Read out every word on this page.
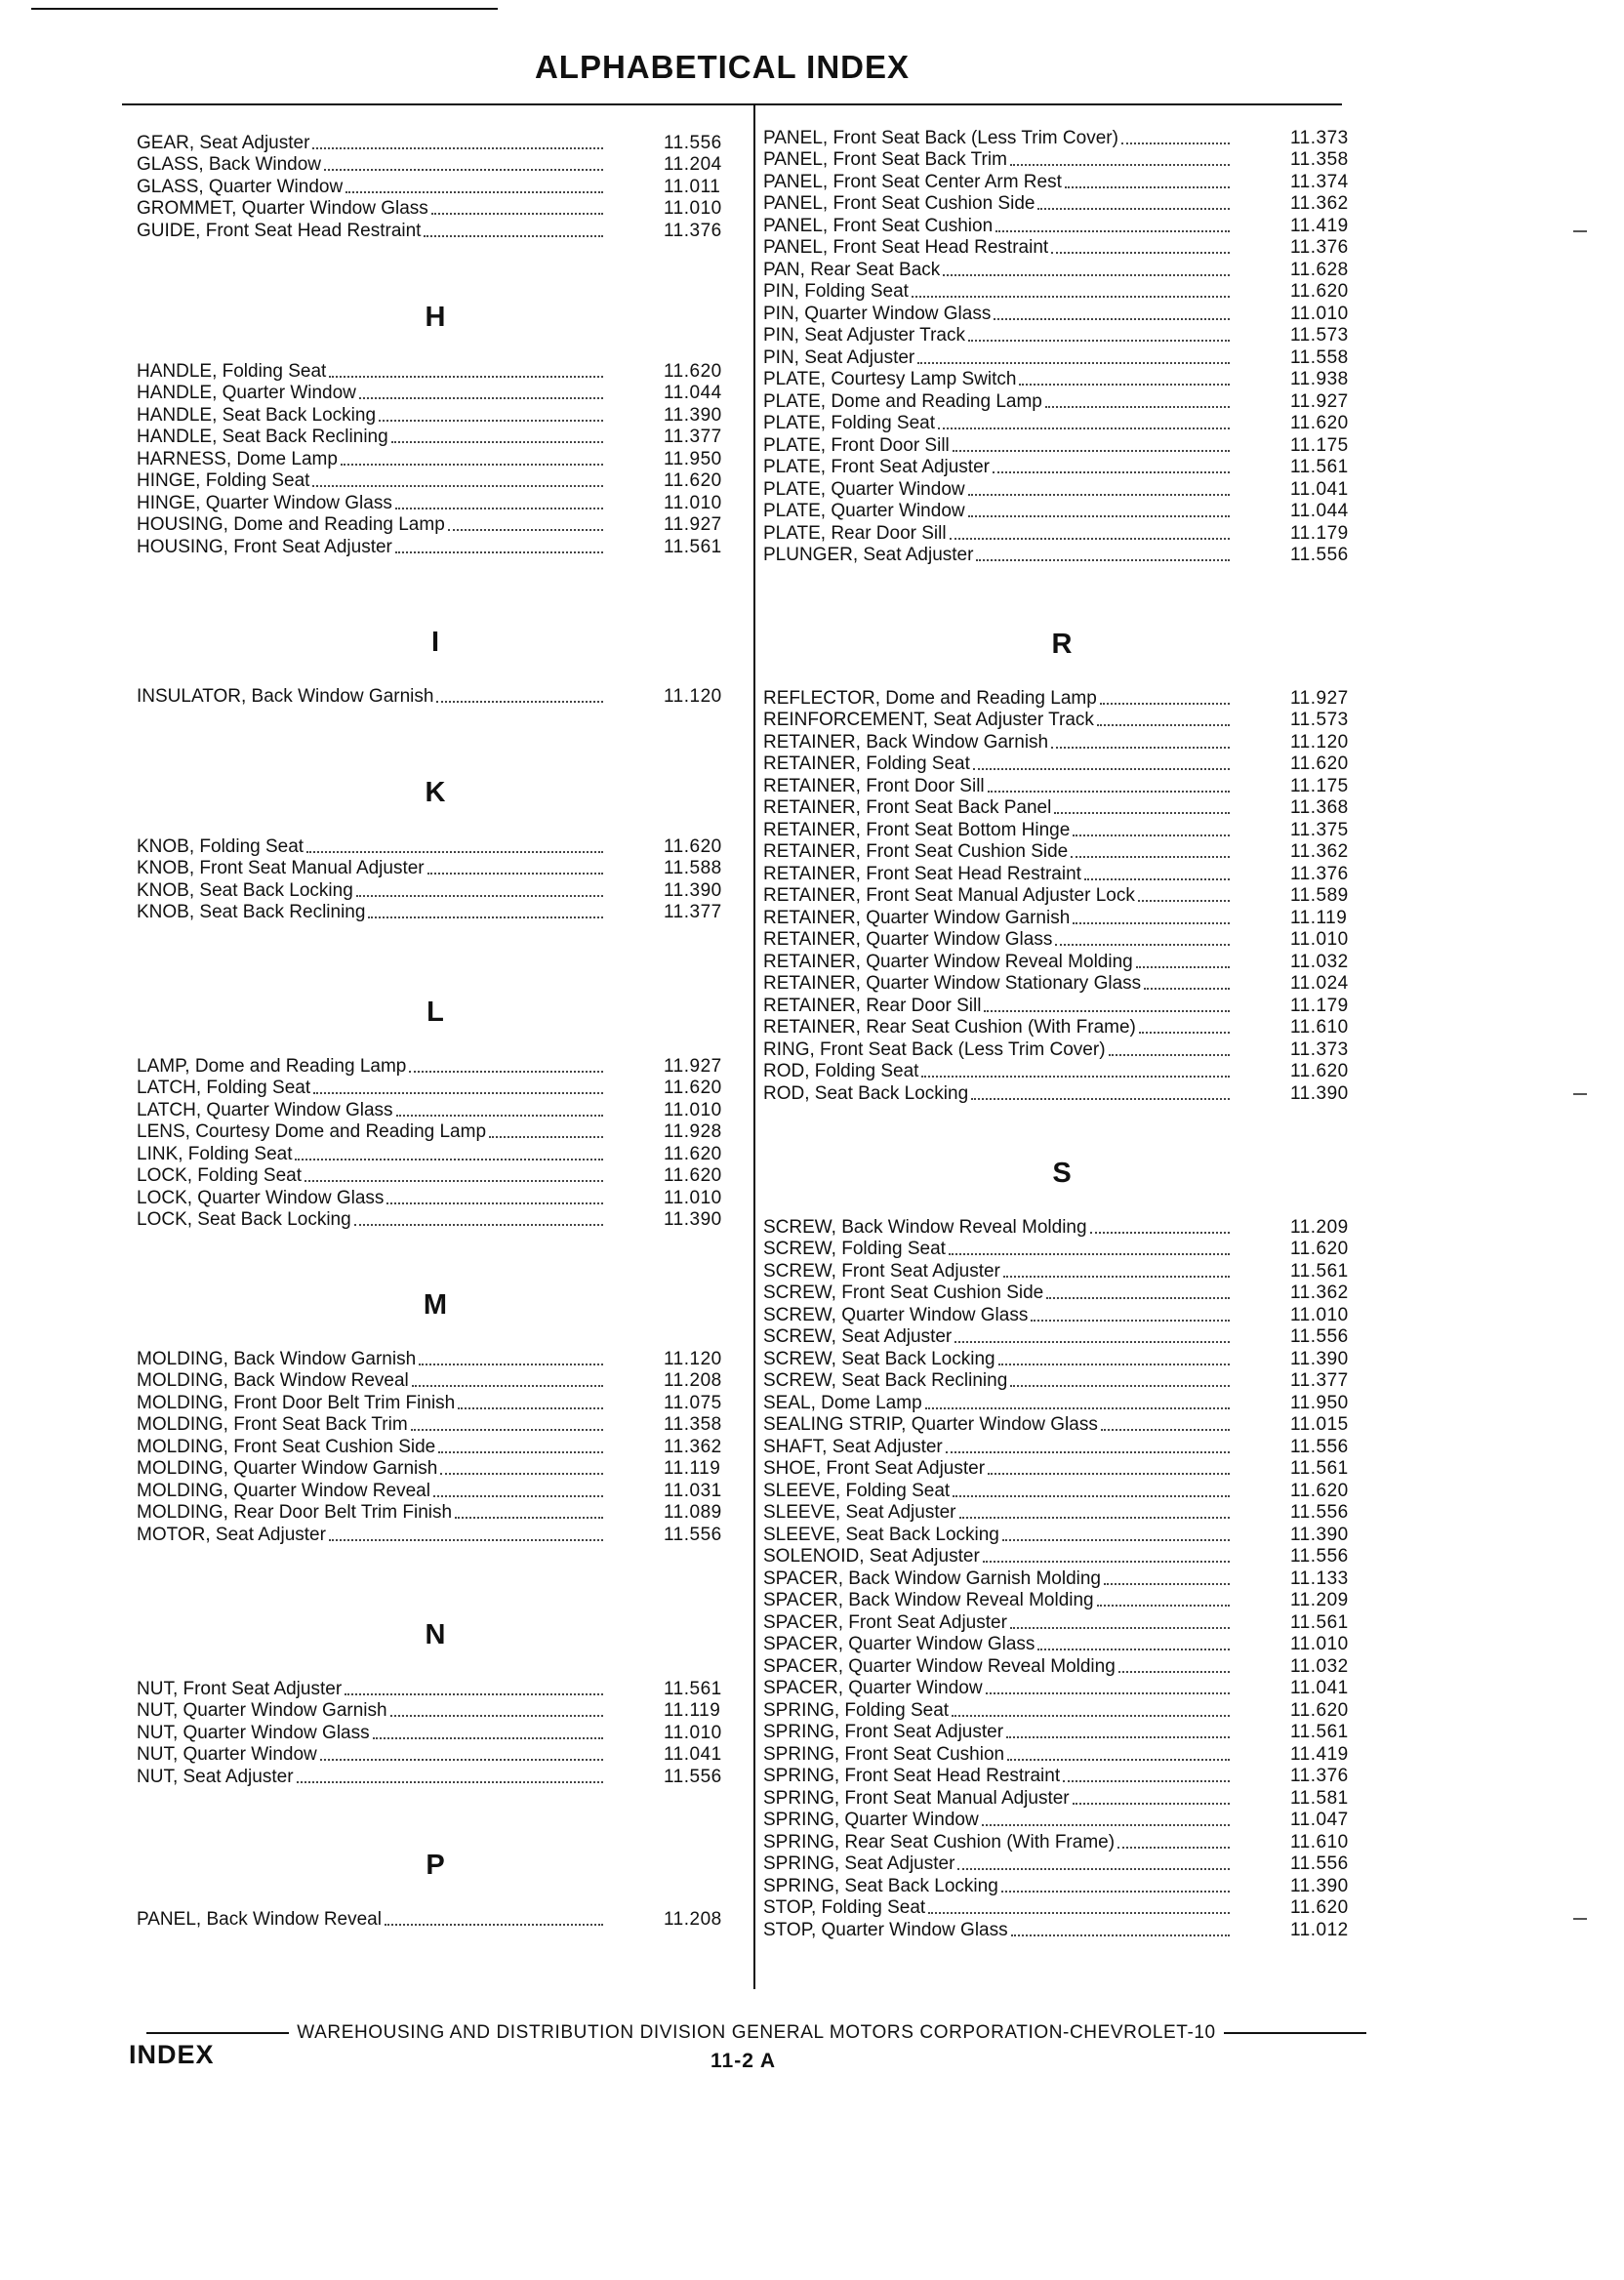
ALPHABETICAL INDEX
GEAR, Seat Adjuster	11.556
GLASS, Back Window	11.204
GLASS, Quarter Window	11.011
GROMMET, Quarter Window Glass	11.010
GUIDE, Front Seat Head Restraint	11.376
H
HANDLE, Folding Seat	11.620
HANDLE, Quarter Window	11.044
HANDLE, Seat Back Locking	11.390
HANDLE, Seat Back Reclining	11.377
HARNESS, Dome Lamp	11.950
HINGE, Folding Seat	11.620
HINGE, Quarter Window Glass	11.010
HOUSING, Dome and Reading Lamp	11.927
HOUSING, Front Seat Adjuster	11.561
I
INSULATOR, Back Window Garnish	11.120
K
KNOB, Folding Seat	11.620
KNOB, Front Seat Manual Adjuster	11.588
KNOB, Seat Back Locking	11.390
KNOB, Seat Back Reclining	11.377
L
LAMP, Dome and Reading Lamp	11.927
LATCH, Folding Seat	11.620
LATCH, Quarter Window Glass	11.010
LENS, Courtesy Dome and Reading Lamp	11.928
LINK, Folding Seat	11.620
LOCK, Folding Seat	11.620
LOCK, Quarter Window Glass	11.010
LOCK, Seat Back Locking	11.390
M
MOLDING, Back Window Garnish	11.120
MOLDING, Back Window Reveal	11.208
MOLDING, Front Door Belt Trim Finish	11.075
MOLDING, Front Seat Back Trim	11.358
MOLDING, Front Seat Cushion Side	11.362
MOLDING, Quarter Window Garnish	11.119
MOLDING, Quarter Window Reveal	11.031
MOLDING, Rear Door Belt Trim Finish	11.089
MOTOR, Seat Adjuster	11.556
N
NUT, Front Seat Adjuster	11.561
NUT, Quarter Window Garnish	11.119
NUT, Quarter Window Glass	11.010
NUT, Quarter Window	11.041
NUT, Seat Adjuster	11.556
P
PANEL, Back Window Reveal	11.208
PANEL, Front Seat Back (Less Trim Cover)	11.373
PANEL, Front Seat Back Trim	11.358
PANEL, Front Seat Center Arm Rest	11.374
PANEL, Front Seat Cushion Side	11.362
PANEL, Front Seat Cushion	11.419
PANEL, Front Seat Head Restraint	11.376
PAN, Rear Seat Back	11.628
PIN, Folding Seat	11.620
PIN, Quarter Window Glass	11.010
PIN, Seat Adjuster Track	11.573
PIN, Seat Adjuster	11.558
PLATE, Courtesy Lamp Switch	11.938
PLATE, Dome and Reading Lamp	11.927
PLATE, Folding Seat	11.620
PLATE, Front Door Sill	11.175
PLATE, Front Seat Adjuster	11.561
PLATE, Quarter Window	11.041
PLATE, Quarter Window	11.044
PLATE, Rear Door Sill	11.179
PLUNGER, Seat Adjuster	11.556
R
REFLECTOR, Dome and Reading Lamp	11.927
REINFORCEMENT, Seat Adjuster Track	11.573
RETAINER, Back Window Garnish	11.120
RETAINER, Folding Seat	11.620
RETAINER, Front Door Sill	11.175
RETAINER, Front Seat Back Panel	11.368
RETAINER, Front Seat Bottom Hinge	11.375
RETAINER, Front Seat Cushion Side	11.362
RETAINER, Front Seat Head Restraint	11.376
RETAINER, Front Seat Manual Adjuster Lock	11.589
RETAINER, Quarter Window Garnish	11.119
RETAINER, Quarter Window Glass	11.010
RETAINER, Quarter Window Reveal Molding	11.032
RETAINER, Quarter Window Stationary Glass	11.024
RETAINER, Rear Door Sill	11.179
RETAINER, Rear Seat Cushion (With Frame)	11.610
RING, Front Seat Back (Less Trim Cover)	11.373
ROD, Folding Seat	11.620
ROD, Seat Back Locking	11.390
S
SCREW, Back Window Reveal Molding	11.209
SCREW, Folding Seat	11.620
SCREW, Front Seat Adjuster	11.561
SCREW, Front Seat Cushion Side	11.362
SCREW, Quarter Window Glass	11.010
SCREW, Seat Adjuster	11.556
SCREW, Seat Back Locking	11.390
SCREW, Seat Back Reclining	11.377
SEAL, Dome Lamp	11.950
SEALING STRIP, Quarter Window Glass	11.015
SHAFT, Seat Adjuster	11.556
SHOE, Front Seat Adjuster	11.561
SLEEVE, Folding Seat	11.620
SLEEVE, Seat Adjuster	11.556
SLEEVE, Seat Back Locking	11.390
SOLENOID, Seat Adjuster	11.556
SPACER, Back Window Garnish Molding	11.133
SPACER, Back Window Reveal Molding	11.209
SPACER, Front Seat Adjuster	11.561
SPACER, Quarter Window Glass	11.010
SPACER, Quarter Window Reveal Molding	11.032
SPACER, Quarter Window	11.041
SPRING, Folding Seat	11.620
SPRING, Front Seat Adjuster	11.561
SPRING, Front Seat Cushion	11.419
SPRING, Front Seat Head Restraint	11.376
SPRING, Front Seat Manual Adjuster	11.581
SPRING, Quarter Window	11.047
SPRING, Rear Seat Cushion (With Frame)	11.610
SPRING, Seat Adjuster	11.556
SPRING, Seat Back Locking	11.390
STOP, Folding Seat	11.620
STOP, Quarter Window Glass	11.012
WAREHOUSING AND DISTRIBUTION DIVISION GENERAL MOTORS CORPORATION-CHEVROLET-10
INDEX	11-2 A
